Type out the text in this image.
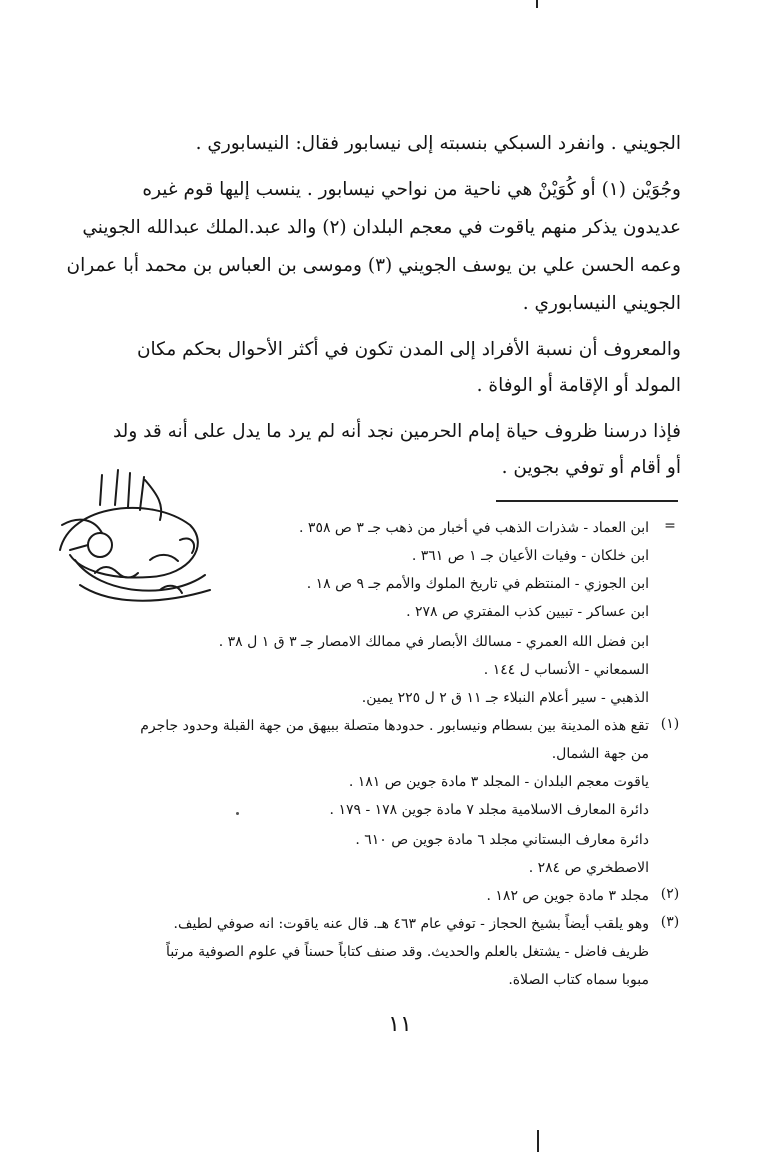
الجويني . وانفرد السبكي بنسبته إلى نيسابور فقال: النيسابوري .
وجُوَيْن (١) أو كُوَيْنْ هي ناحية من نواحي نيسابور . ينسب إليها قوم غيره
عديدون يذكر منهم ياقوت في معجم البلدان (٢) والد عبد.الملك عبدالله الجويني
وعمه الحسن علي بن يوسف الجويني (٣) وموسى بن العباس بن محمد أبا عمران
الجويني النيسابوري .
والمعروف أن نسبة الأفراد إلى المدن تكون في أكثر الأحوال بحكم مكان
المولد أو الإقامة أو الوفاة .
فإذا درسنا ظروف حياة إمام الحرمين نجد أنه لم يرد ما يدل على أنه قد ولد
أو أقام أو توفي بجوين .
=
ابن العماد - شذرات الذهب في أخبار من ذهب جـ ٣ ص ٣٥٨ .
ابن خلكان - وفيات الأعيان جـ ١ ص ٣٦١ .
ابن الجوزي - المنتظم في تاريخ الملوك والأمم جـ ٩ ص ١٨ .
ابن عساكر - تبيين كذب المفتري ص ٢٧٨ .
ابن فضل الله العمري - مسالك الأبصار في ممالك الامصار جـ ٣ ق ١ ل ٣٨ .
السمعاني - الأنساب ل ١٤٤ .
الذهبي - سير أعلام النبلاء جـ ١١ ق ٢ ل ٢٢٥ يمين.
(١)
تقع هذه المدينة بين بسطام ونيسابور . حدودها متصلة ببيهق من جهة القبلة وحدود جاجرم
من جهة الشمال.
ياقوت معجم البلدان - المجلد ٣ مادة جوين ص ١٨١ .
دائرة المعارف الاسلامية مجلد ٧ مادة جوين ١٧٨ - ١٧٩ .
دائرة معارف البستاني مجلد ٦ مادة جوين ص ٦١٠ .
الاصطخري ص ٢٨٤ .
(٢)
مجلد ٣ مادة جوين ص ١٨٢ .
(٣)
وهو يلقب أيضاً بشيخ الحجاز - توفي عام ٤٦٣ هـ. قال عنه ياقوت: انه صوفي لطيف.
ظريف فاضل - يشتغل بالعلم والحديث. وقد صنف كتاباً حسناً في علوم الصوفية مرتباً
مبوبا سماه كتاب الصلاة.
١١
